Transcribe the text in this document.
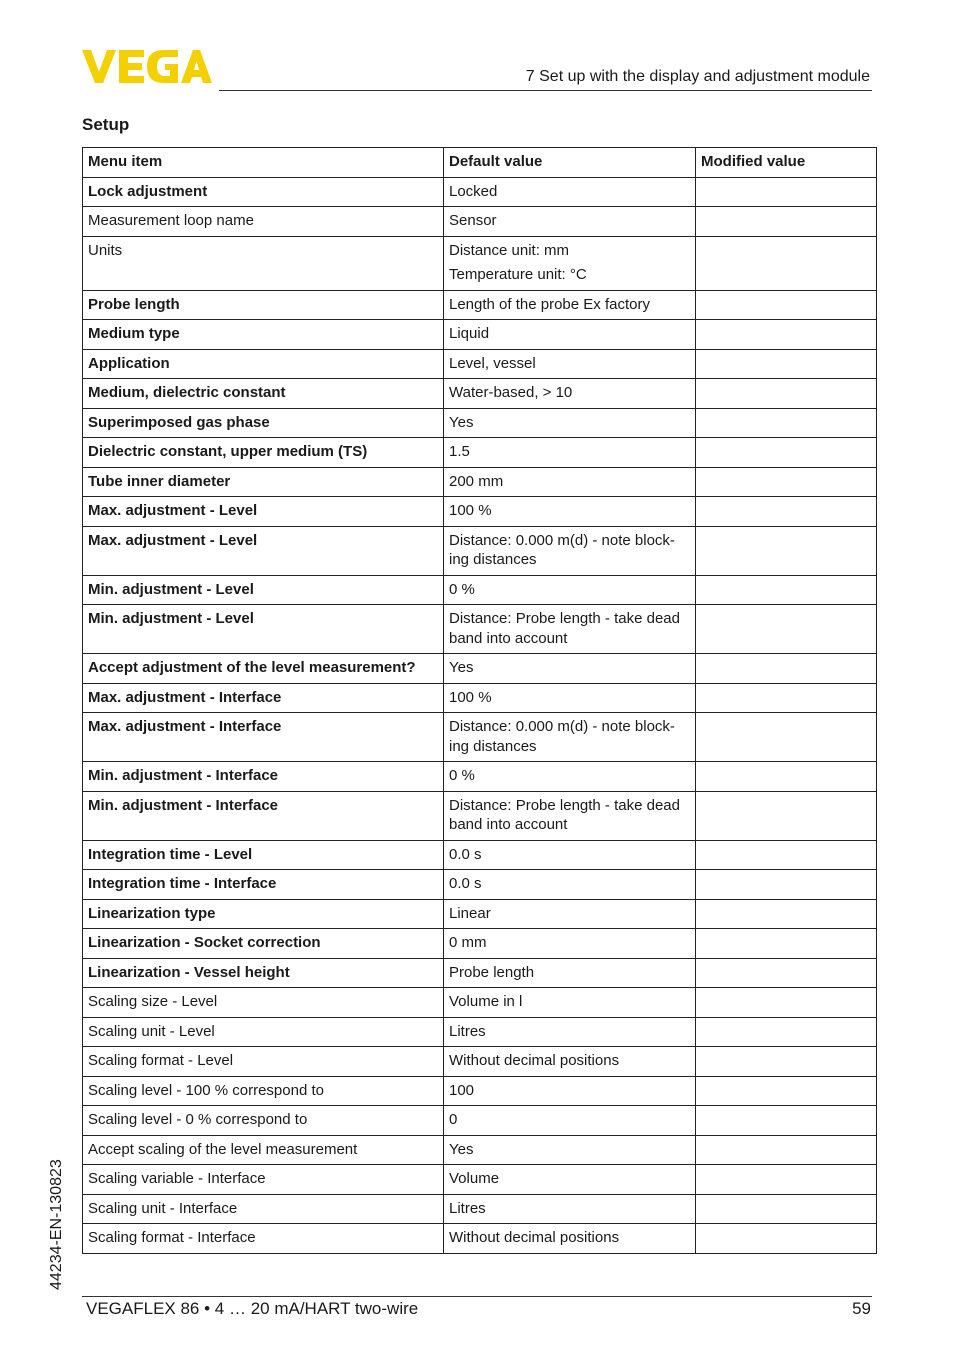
7 Set up with the display and adjustment module
Setup
Menu item	Default value	Modified value
Lock adjustment	Locked	

Measurement loop name	Sensor	

Units	Distance unit: mm
Temperature unit: °C	

Probe length	Length of the probe Ex factory	

Medium type	Liquid	

Application	Level, vessel	

Medium, dielectric constant	Water-based, > 10	

Superimposed gas phase	Yes	

Dielectric constant, upper medium (TS)	1.5	

Tube inner diameter	200 mm	

Max. adjustment - Level	100 %	

Max. adjustment - Level	Distance: 0.000 m(d) - note block-ing distances	

Min. adjustment - Level	0 %	

Min. adjustment - Level	Distance: Probe length - take dead band into account	

Accept adjustment of the level measurement?	Yes	

Max. adjustment - Interface	100 %	

Max. adjustment - Interface	Distance: 0.000 m(d) - note block-ing distances	

Min. adjustment - Interface	0 %	

Min. adjustment - Interface	Distance: Probe length - take dead band into account	

Integration time - Level	0.0 s	

Integration time - Interface	0.0 s	

Linearization type	Linear	

Linearization - Socket correction	0 mm	

Linearization - Vessel height	Probe length	

Scaling size - Level	Volume in l	

Scaling unit - Level	Litres	

Scaling format - Level	Without decimal positions	

Scaling level - 100 % correspond to	100	

Scaling level - 0 % correspond to	0	

Accept scaling of the level measurement	Yes	

Scaling variable - Interface	Volume	

Scaling unit - Interface	Litres	

Scaling format - Interface	Without decimal positions	

VEGAFLEX 86 • 4 … 20 mA/HART two-wire	59
44234-EN-130823
